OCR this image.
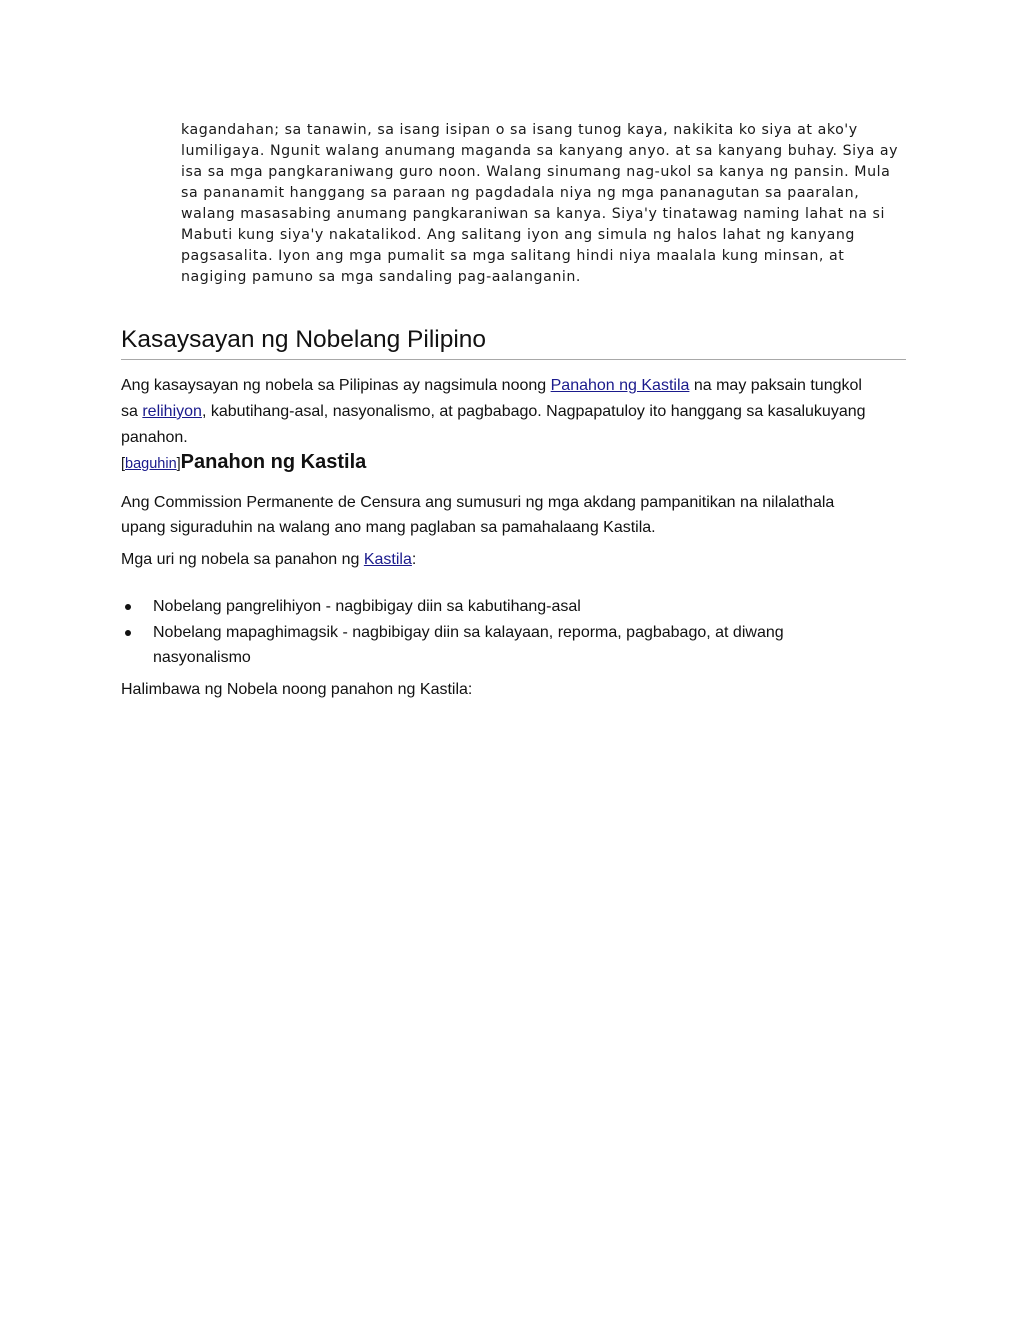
kagandahan; sa tanawin, sa isang isipan o sa isang tunog kaya, nakikita ko siya at ako'y
lumiligaya. Ngunit walang anumang maganda sa kanyang anyo. at sa kanyang buhay. Siya ay
isa sa mga pangkaraniwang guro noon. Walang sinumang nag-ukol sa kanya ng pansin. Mula
sa pananamit hanggang sa paraan ng pagdadala niya ng mga pananagutan sa paaralan,
walang masasabing anumang pangkaraniwan sa kanya. Siya'y tinatawag naming lahat na si
Mabuti kung siya'y nakatalikod. Ang salitang iyon ang simula ng halos lahat ng kanyang
pagsasalita. Iyon ang mga pumalit sa mga salitang hindi niya maalala kung minsan, at
nagiging pamuno sa mga sandaling pag-aalanganin.
Kasaysayan ng Nobelang Pilipino

Ang kasaysayan ng nobela sa Pilipinas ay nagsimula noong Panahon ng Kastila na may paksain tungkol
sa relihiyon, kabutihang-asal, nasyonalismo, at pagbabago. Nagpapatuloy ito hanggang sa kasalukuyang
panahon.

[baguhin]Panahon ng Kastila

Ang Commission Permanente de Censura ang sumusuri ng mga akdang pampanitikan na nilalathala
upang siguraduhin na walang ano mang paglaban sa pamahalaang Kastila.

Mga uri ng nobela sa panahon ng Kastila:

Nobelang pangrelihiyon - nagbibigay diin sa kabutihang-asal
Nobelang mapaghimagsik - nagbibigay diin sa kalayaan, reporma, pagbabago, at diwang
nasyonalismo

Halimbawa ng Nobela noong panahon ng Kastila:
